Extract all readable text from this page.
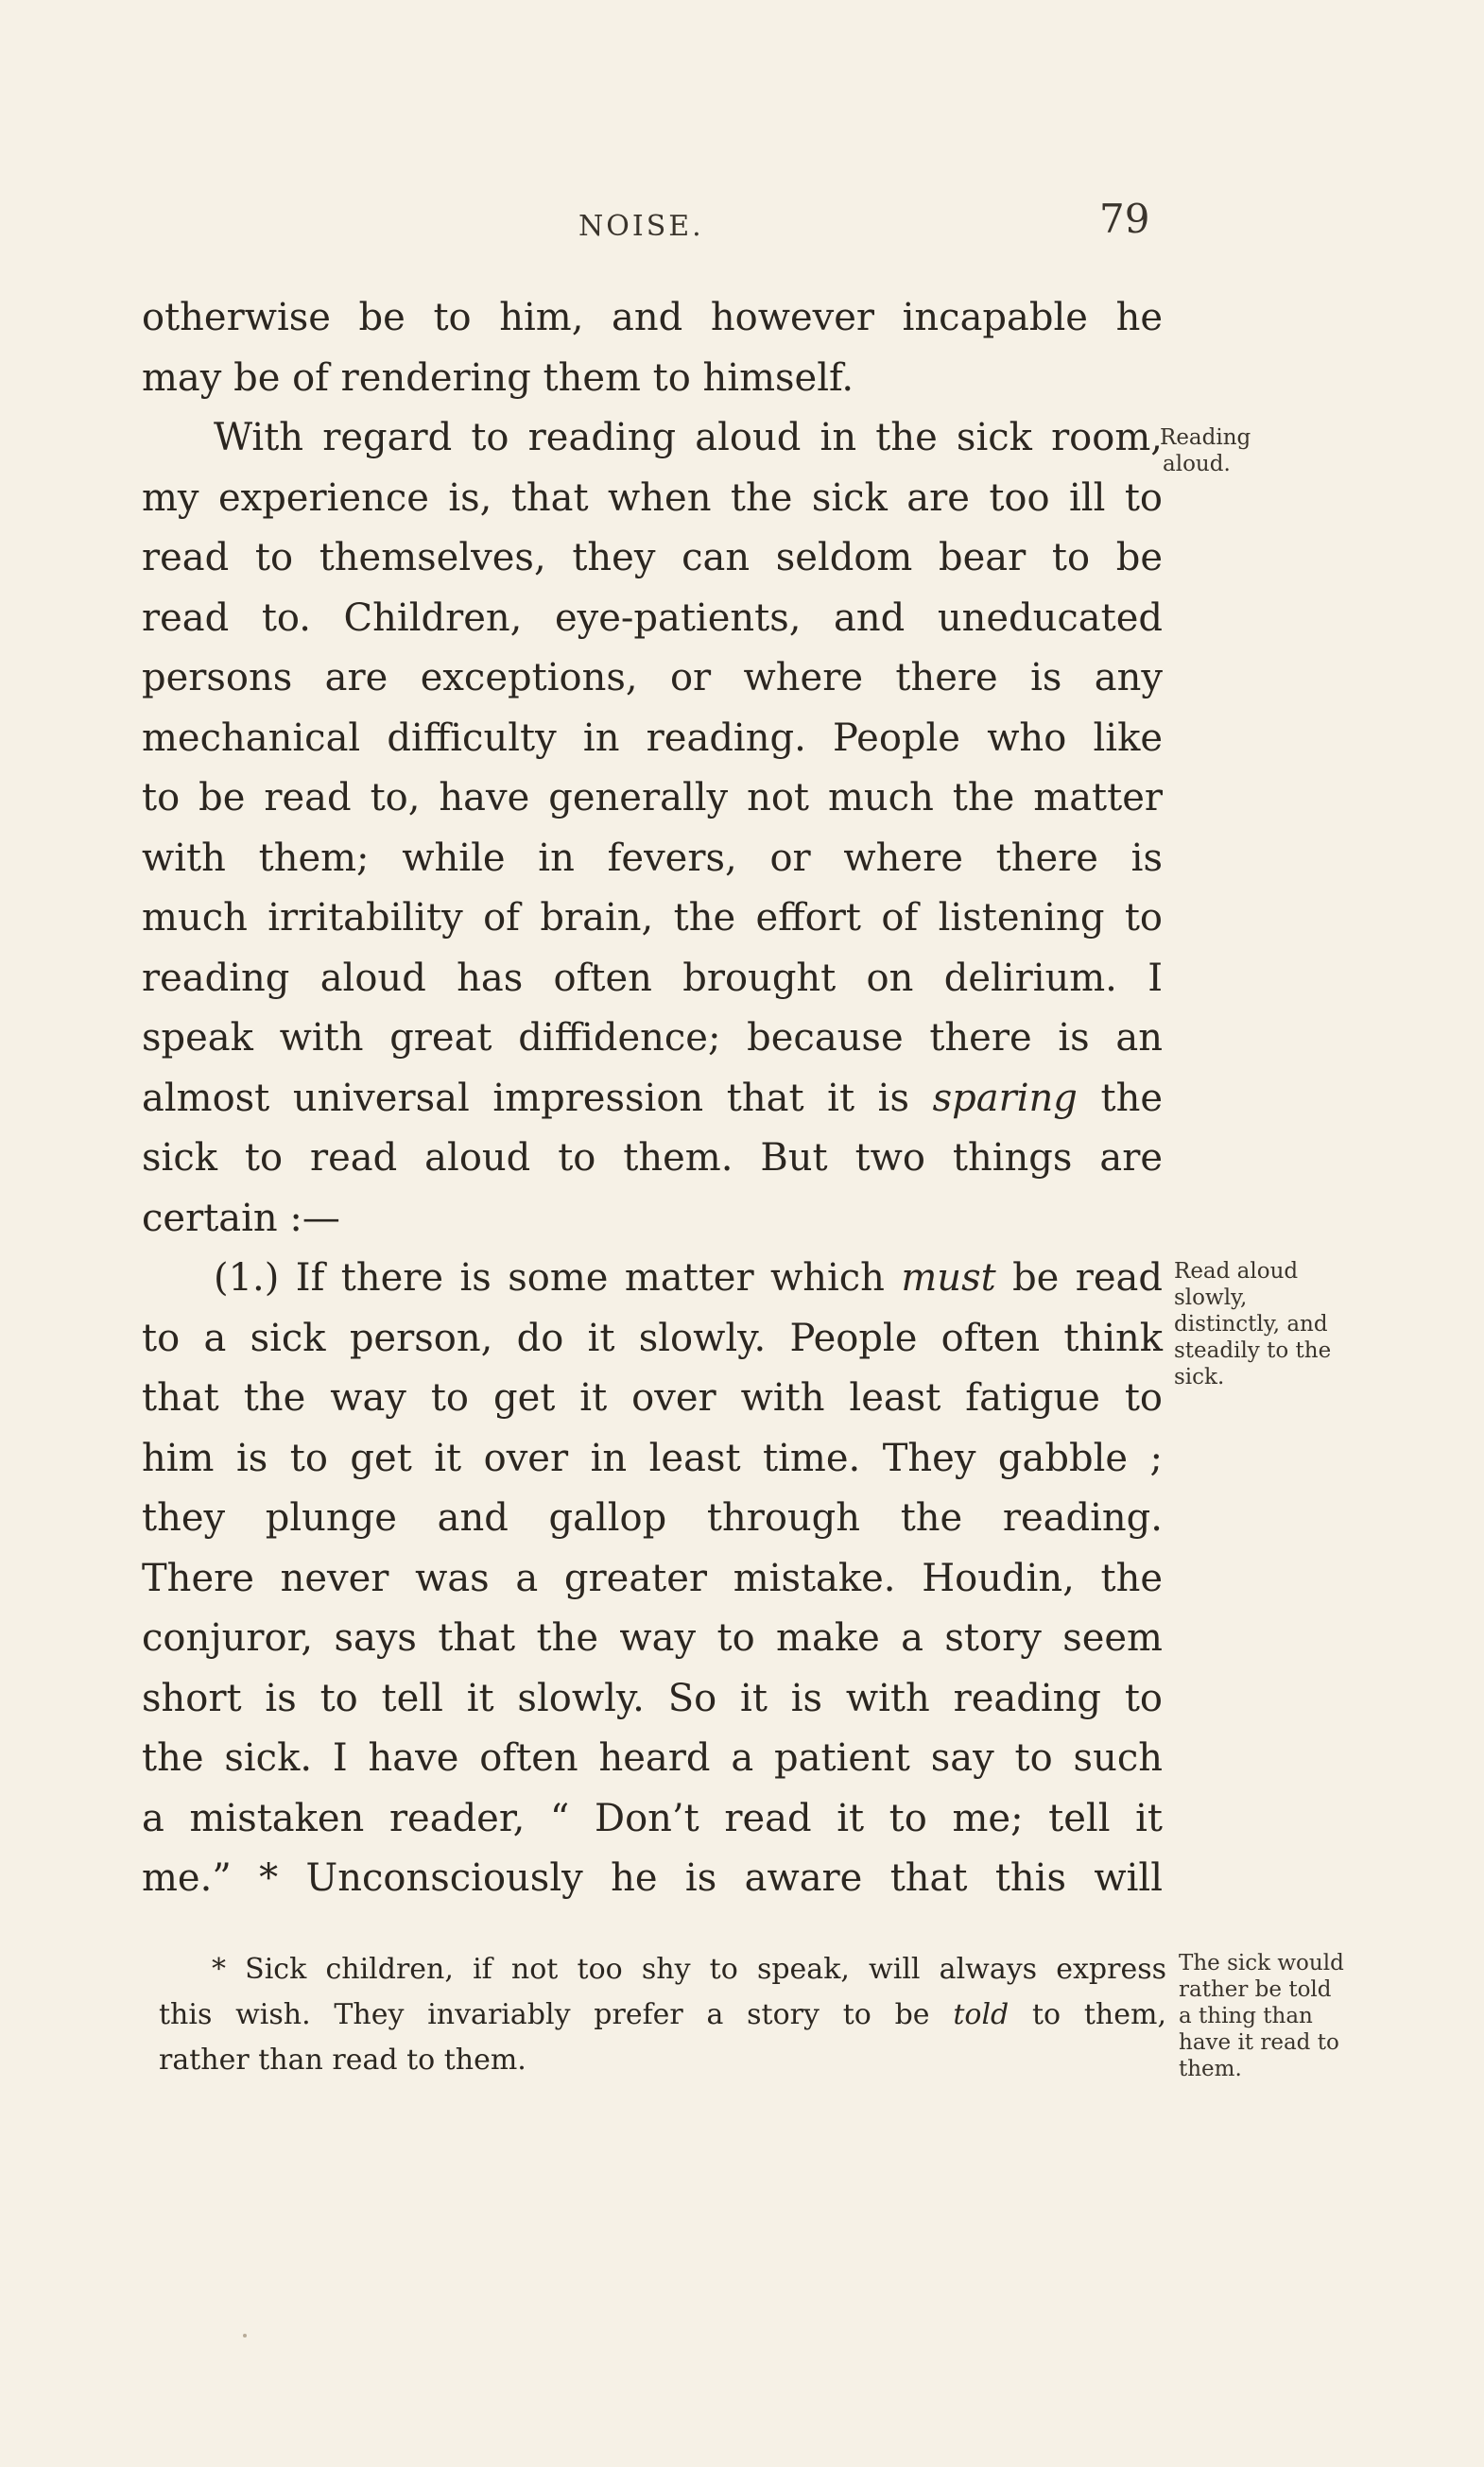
NOISE.	79
otherwise be to him, and however incapable he
may be of rendering them to himself.
With regard to reading aloud in the sick room,
my experience is, that when the sick are too ill to
read to themselves, they can seldom bear to be
read to. Children, eye-patients, and uneducated
persons are exceptions, or where there is any
mechanical difficulty in reading. People who like
to be read to, have generally not much the matter
with them; while in fevers, or where there is
much irritability of brain, the effort of listening to
reading aloud has often brought on delirium. I
speak with great diffidence; because there is an
almost universal impression that it is sparing the
sick to read aloud to them. But two things are
certain :—
(1.) If there is some matter which must be read
to a sick person, do it slowly. People often think
that the way to get it over with least fatigue to
him is to get it over in least time. They gabble ;
they plunge and gallop through the reading.
There never was a greater mistake. Houdin, the
conjuror, says that the way to make a story seem
short is to tell it slowly. So it is with reading to
the sick. I have often heard a patient say to such
a mistaken reader, “ Don’t read it to me; tell it
me.” * Unconsciously he is aware that this will
Reading
aloud.
Read aloud
slowly,
distinctly, and
steadily to the
sick.
* Sick children, if not too shy to speak, will always express
this wish. They invariably prefer a story to be told to them,
rather than read to them.
The sick would
rather be told
a thing than
have it read to
them.
